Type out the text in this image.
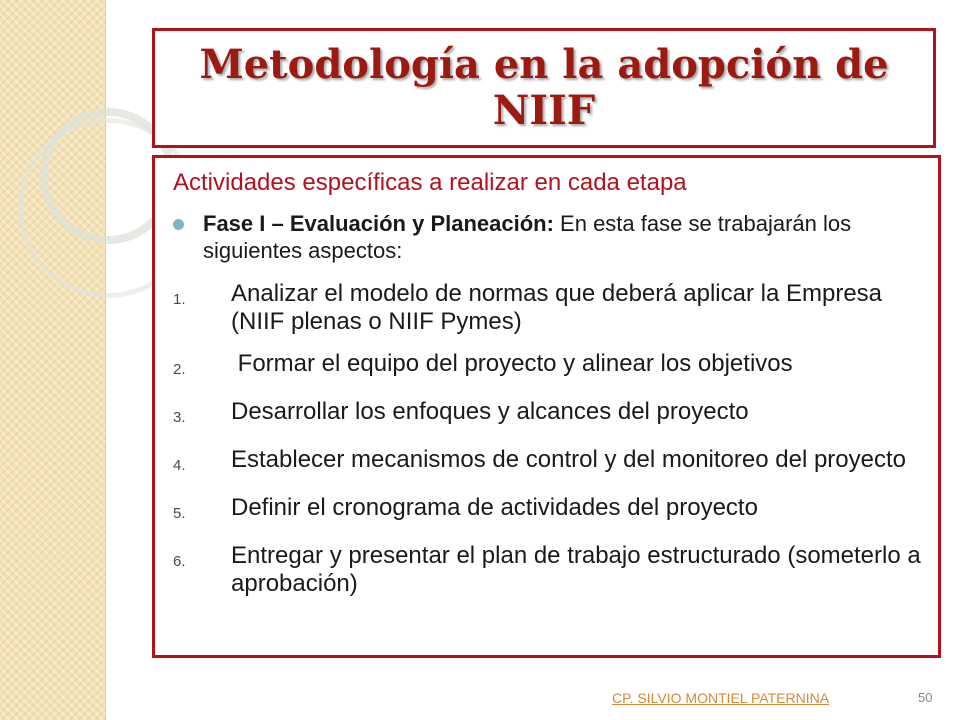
Metodología en la adopción de NIIF
Actividades específicas a realizar en cada etapa
Fase I – Evaluación y Planeación: En esta fase se trabajarán los siguientes aspectos:
1.	Analizar el modelo de normas que deberá aplicar la Empresa (NIIF plenas o NIIF Pymes)
2.	Formar el equipo del proyecto y alinear los objetivos
3.	Desarrollar los enfoques y alcances del proyecto
4.	Establecer mecanismos de control y del monitoreo del proyecto
5.	Definir el cronograma de actividades del proyecto
6.	Entregar y presentar el plan de trabajo estructurado (someterlo a aprobación)
CP. SILVIO MONTIEL PATERNINA	50
